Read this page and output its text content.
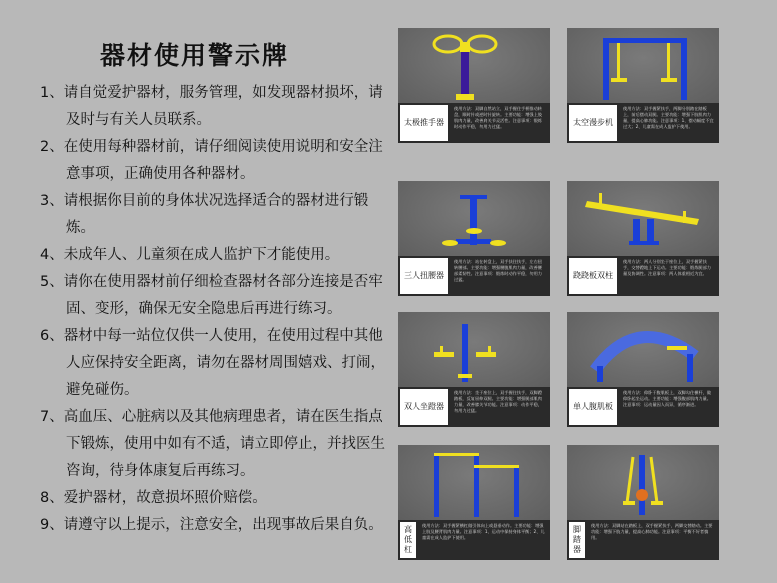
器材使用警示牌
1、请自觉爱护器材，服务管理，如发现器材损坏，请及时与有关人员联系。
2、在使用每种器材前，请仔细阅读使用说明和安全注意事项，正确使用各种器材。
3、请根据你目前的身体状况选择适合的器材进行锻炼。
4、未成年人、儿童须在成人监护下才能使用。
5、请你在使用器材前仔细检查器材各部分连接是否牢固、变形，确保无安全隐患后再进行练习。
6、器材中每一站位仅供一人使用，在使用过程中其他人应保持安全距离，请勿在器材周围嬉戏、打闹，避免碰伤。
7、高血压、心脏病以及其他病理患者，请在医生指点下锻炼，使用中如有不适，请立即停止，并找医生咨询，待身体康复后再练习。
8、爱护器材，故意损坏照价赔偿。
9、请遵守以上提示，注意安全，出现事故后果自负。
太极推手器
使用方法：双脚自然站立，双手握住手柄推动转盘，顺时针或逆时针旋转。主要功能：增强上肢肌肉力量，改善肩关节灵活性。注意事项：锻炼时动作平稳，勿用力过猛。	太空漫步机
使用方法：双手握紧扶手，两脚分别踏在踏板上，前后摆动双腿。主要功能：增强下肢肌肉力量，提高心肺功能。注意事项：1、摆动幅度不宜过大；2、儿童需在成人监护下使用。
三人扭腰器
使用方法：站在转盘上，双手扶住扶手，左右扭转腰部。主要功能：增强腰腹肌肉力量，改善腰部柔韧性。注意事项：锻炼时动作平稳，勿用力过猛。	跷跷板双柱
使用方法：两人分别坐于座位上，双手握紧扶手，交替蹬地上下运动。主要功能：锻炼腿部力量及协调性。注意事项：两人体重相近为宜。
双人坐蹬器
使用方法：坐于座位上，双手握住扶手，双脚蹬踏板，反复屈伸双腿。主要功能：增强腿部肌肉力量，改善膝关节功能。注意事项：动作平稳，勿用力过猛。	单人腹肌板
使用方法：仰卧于腹肌板上，双脚勾住横杆，做仰卧起坐运动。主要功能：增强腹部肌肉力量。注意事项：运动量因人而异，循序渐进。
高低杠
使用方法：双手握紧横杠做引体向上或悬垂动作。主要功能：增强上肢及腰背肌肉力量。注意事项：1、运动中保持身体平衡；2、儿童需在成人监护下使用。
脚踏器
使用方法：双脚站在踏板上，双手握紧扶手，两脚交替踏动。主要功能：增强下肢力量，提高心肺功能。注意事项：平衡不好者慎用。
